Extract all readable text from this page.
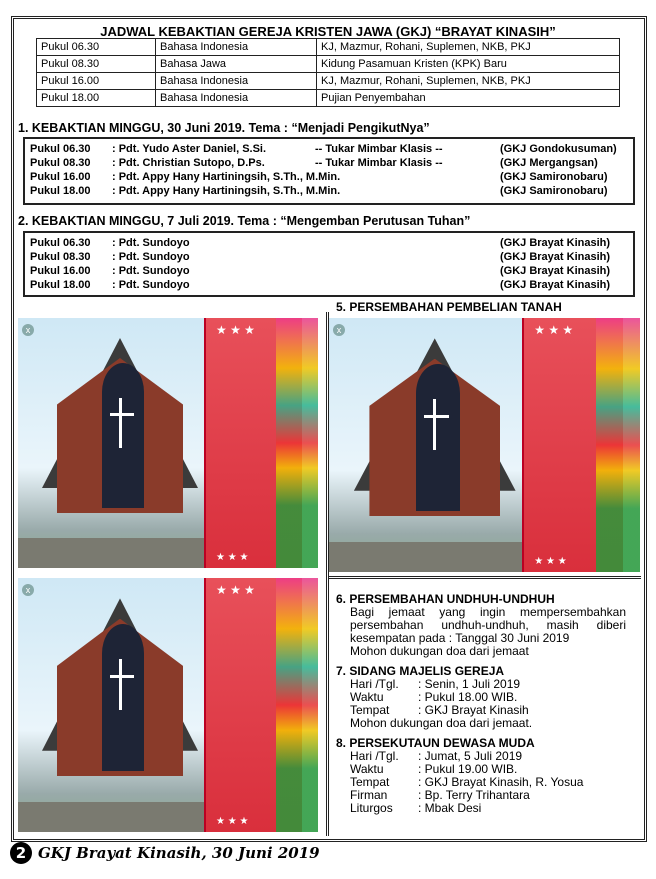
JADWAL KEBAKTIAN GEREJA KRISTEN JAWA (GKJ) “BRAYAT KINASIH”
Pukul 06.30	Bahasa Indonesia	KJ, Mazmur, Rohani, Suplemen, NKB, PKJ
Pukul 08.30	Bahasa Jawa	Kidung Pasamuan Kristen (KPK) Baru
Pukul 16.00	Bahasa Indonesia	KJ, Mazmur, Rohani, Suplemen, NKB, PKJ
Pukul 18.00	Bahasa Indonesia	Pujian Penyembahan
1. KEBAKTIAN MINGGU, 30 Juni 2019. Tema : “Menjadi PengikutNya”
Pukul 06.30 : Pdt. Yudo Aster Daniel, S.Si.	-- Tukar Mimbar Klasis --	(GKJ Gondokusuman)
Pukul 08.30 : Pdt. Christian Sutopo, D.Ps.	-- Tukar Mimbar Klasis --	(GKJ Mergangsan)
Pukul 16.00 : Pdt. Appy Hany Hartiningsih, S.Th., M.Min.	(GKJ Samironobaru)
Pukul 18.00 : Pdt. Appy Hany Hartiningsih, S.Th., M.Min.	(GKJ Samironobaru)
2. KEBAKTIAN MINGGU, 7 Juli 2019. Tema : “Mengemban Perutusan Tuhan”
Pukul 06.30 : Pdt. Sundoyo	(GKJ Brayat Kinasih)
Pukul 08.30 : Pdt. Sundoyo	(GKJ Brayat Kinasih)
Pukul 16.00 : Pdt. Sundoyo	(GKJ Brayat Kinasih)
Pukul 18.00 : Pdt. Sundoyo	(GKJ Brayat Kinasih)
★ ★ ★
★ ★ ★
x	★ ★ ★
★ ★ ★
x
★ ★ ★
★ ★ ★
x
5. PERSEMBAHAN PEMBELIAN TANAH
6. PERSEMBAHAN UNDHUH-UNDHUH
Bagi jemaat yang ingin mempersembahkan persembahan undhuh-undhuh, masih diberi kesempatan pada : Tanggal 30 Juni 2019
Mohon dukungan doa dari jemaat
7. SIDANG MAJELIS GEREJA
Hari /Tgl.	: Senin, 1 Juli 2019
Waktu	: Pukul 18.00 WIB.
Tempat	: GKJ Brayat Kinasih
Mohon dukungan doa dari jemaat.
8. PERSEKUTAUN DEWASA MUDA
Hari /Tgl.	: Jumat, 5 Juli 2019
Waktu	: Pukul 19.00 WIB.
Tempat	: GKJ Brayat Kinasih, R. Yosua
Firman	: Bp. Terry Trihantara
Liturgos	: Mbak Desi
2 GKJ Brayat Kinasih, 30 Juni 2019
